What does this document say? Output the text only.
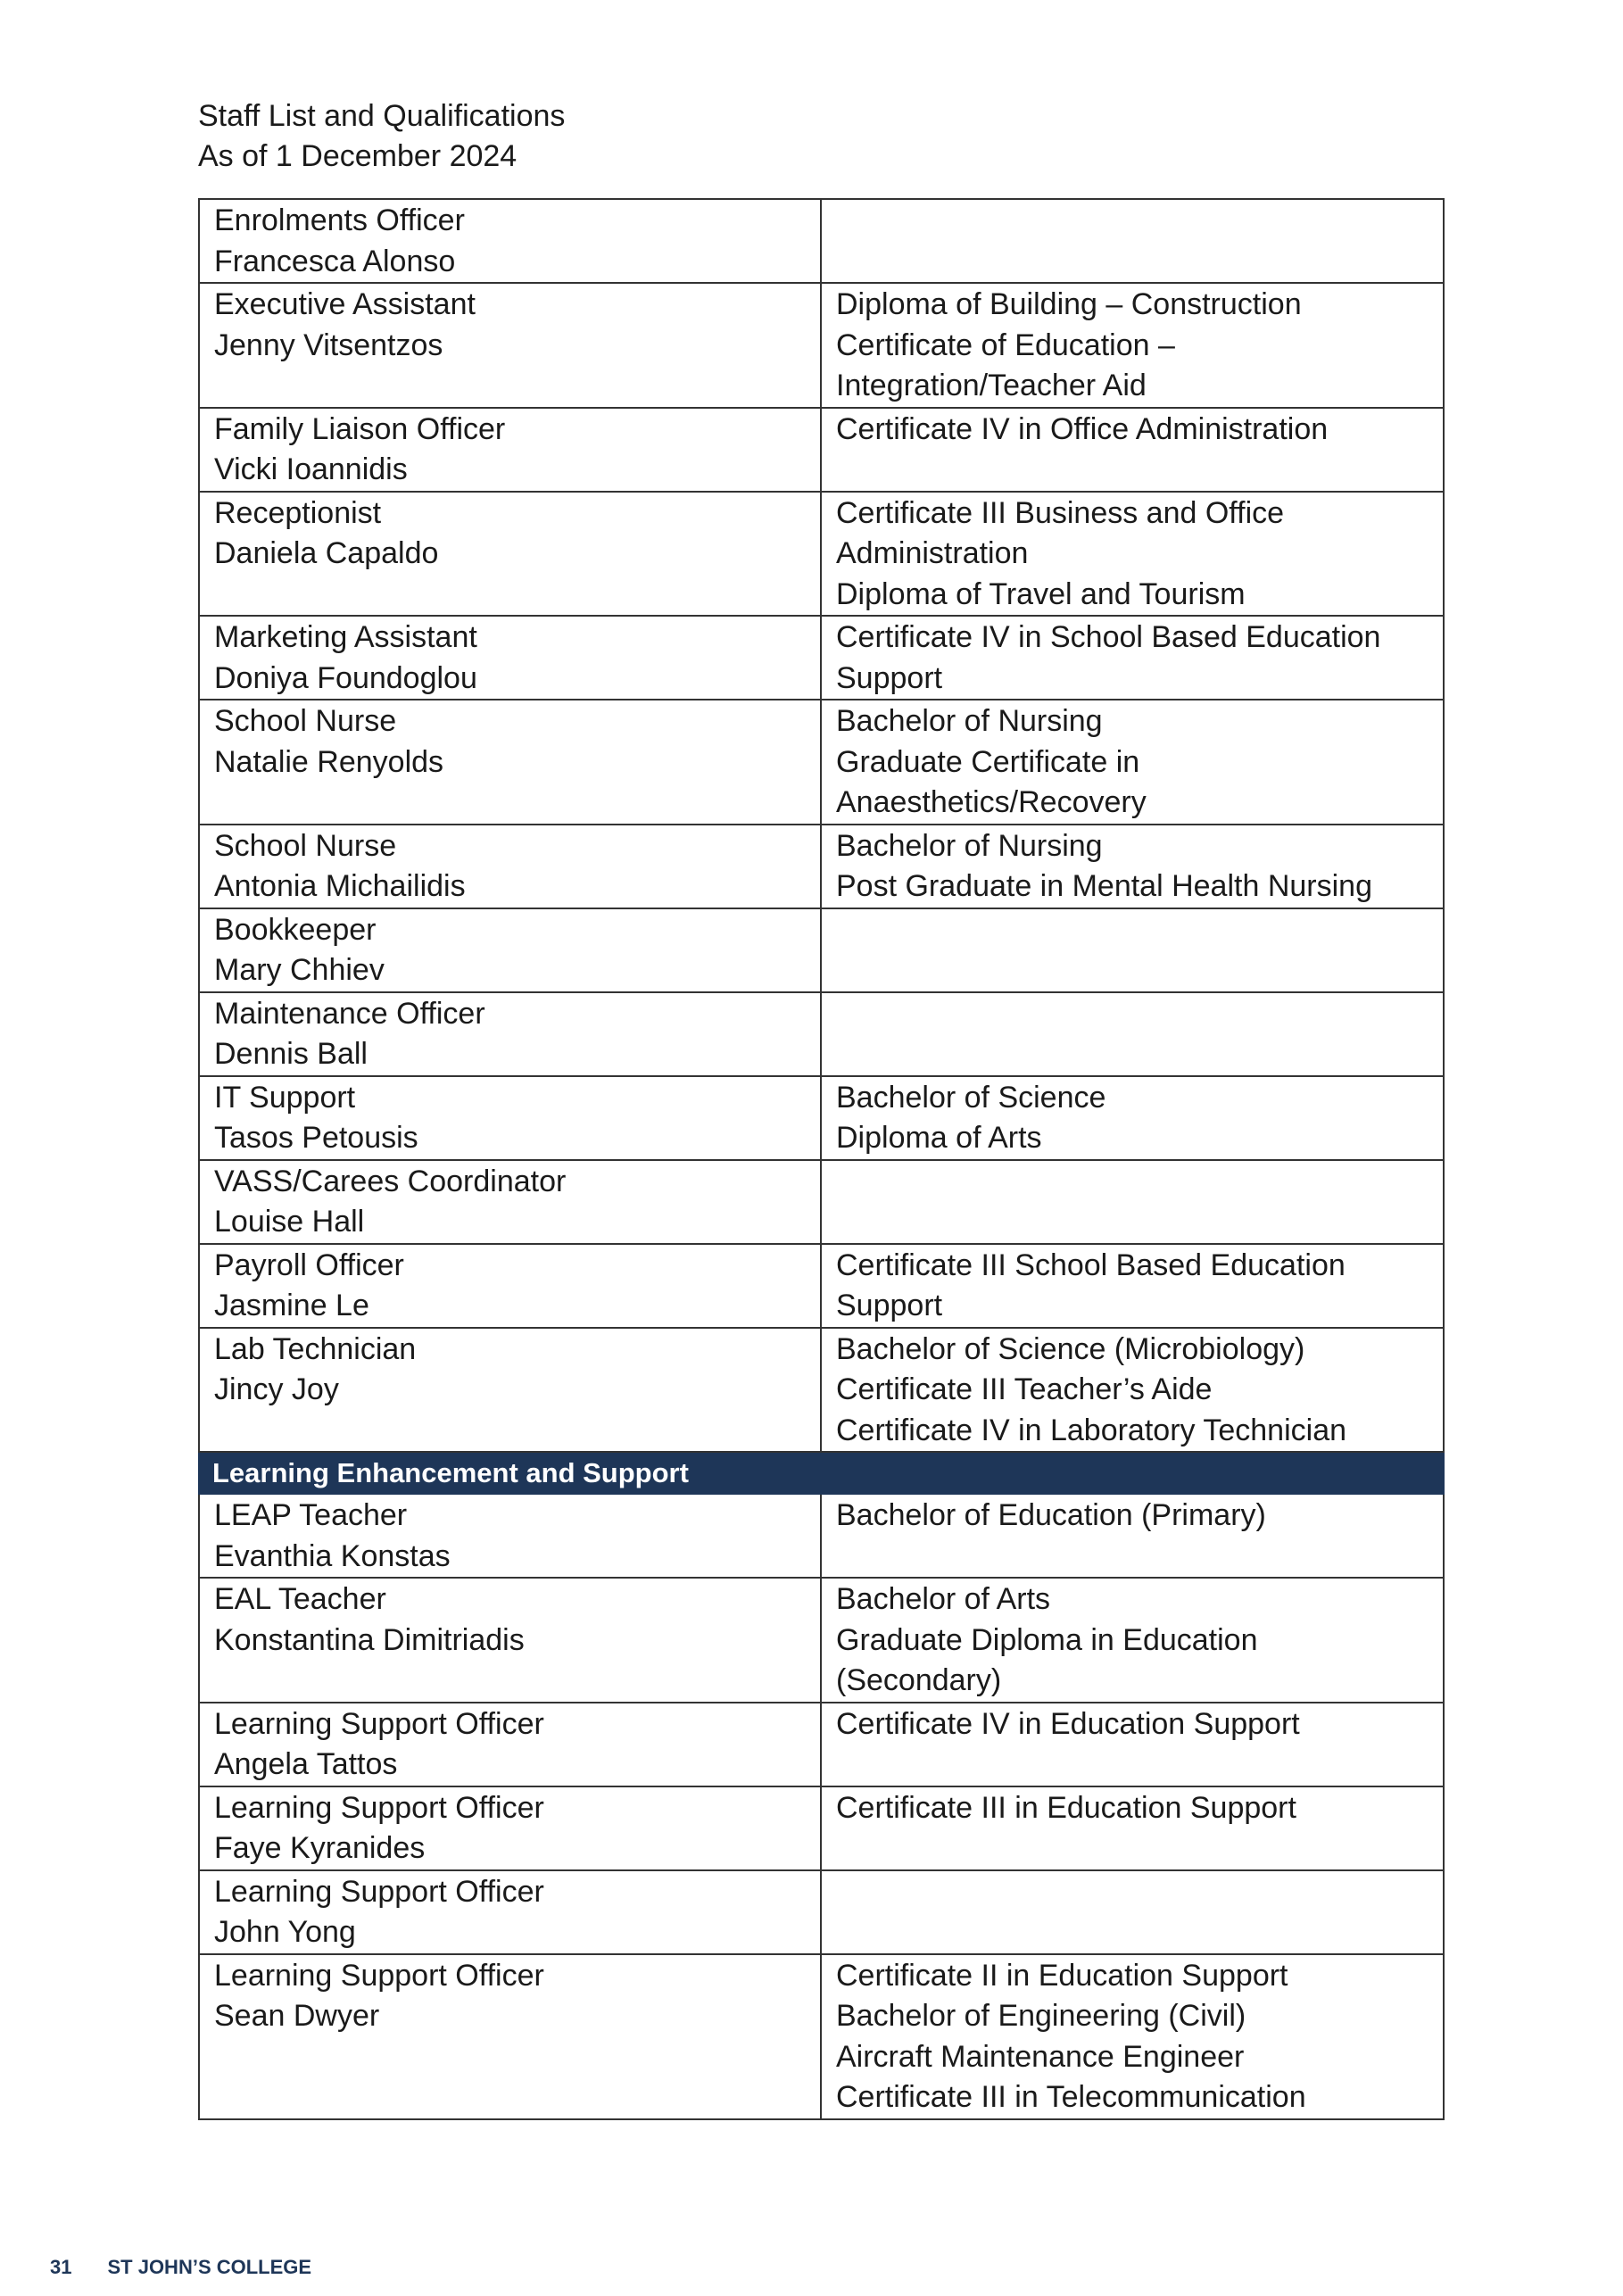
Staff List and Qualifications
As of 1 December 2024
Enrolments Officer
Francesca Alonso	

Executive Assistant
Jenny Vitsentzos	Diploma of Building – Construction
Certificate of Education –
Integration/Teacher Aid

Family Liaison Officer
Vicki Ioannidis	Certificate IV in Office Administration

Receptionist
Daniela Capaldo	Certificate III Business and Office
Administration
Diploma of Travel and Tourism

Marketing Assistant
Doniya Foundoglou	Certificate IV in School Based Education
Support

School Nurse
Natalie Renyolds	Bachelor of Nursing
Graduate Certificate in
Anaesthetics/Recovery

School Nurse
Antonia Michailidis	Bachelor of Nursing
Post Graduate in Mental Health Nursing

Bookkeeper
Mary Chhiev	

Maintenance Officer
Dennis Ball	

IT Support
Tasos Petousis	Bachelor of Science
Diploma of Arts

VASS/Carees Coordinator
Louise Hall	

Payroll Officer
Jasmine Le	Certificate III School Based Education
Support

Lab Technician
Jincy Joy	Bachelor of Science (Microbiology)
Certificate III Teacher’s Aide
Certificate IV in Laboratory Technician

Learning Enhancement and Support	

LEAP Teacher
Evanthia Konstas	Bachelor of Education (Primary)

EAL Teacher
Konstantina Dimitriadis	Bachelor of Arts
Graduate Diploma in Education
(Secondary)

Learning Support Officer
Angela Tattos	Certificate IV in Education Support

Learning Support Officer
Faye Kyranides	Certificate III in Education Support

Learning Support Officer
John Yong	

Learning Support Officer
Sean Dwyer	Certificate II in Education Support
Bachelor of Engineering (Civil)
Aircraft Maintenance Engineer
Certificate III in Telecommunication
31 ST JOHN’S COLLEGE
